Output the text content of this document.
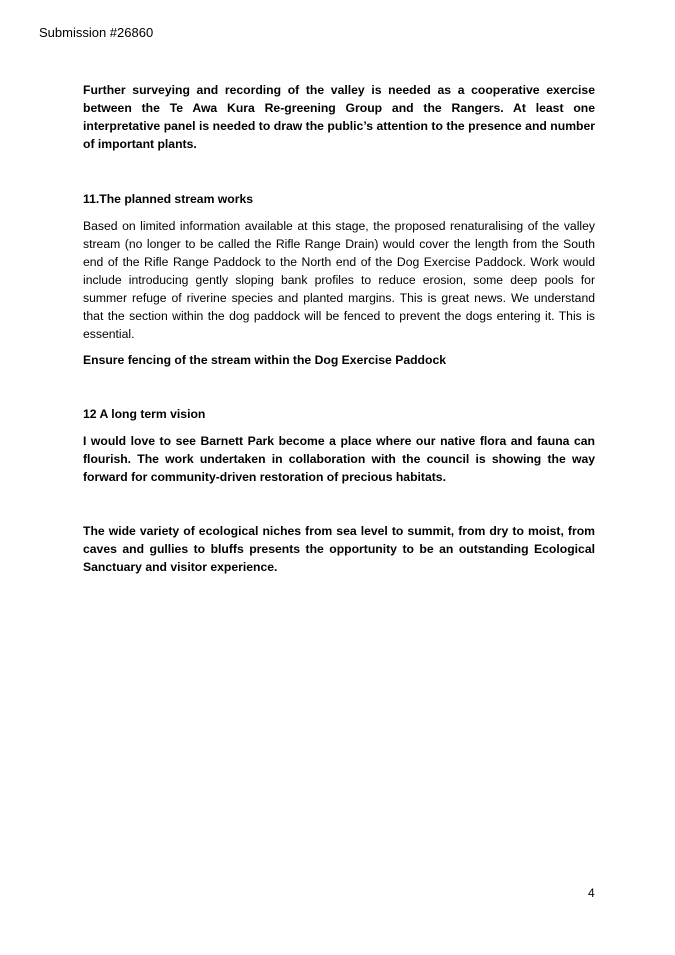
Submission #26860

Further surveying and recording of the valley is needed as a cooperative exercise between the Te Awa Kura Re-greening Group and the Rangers. At least one interpretative panel is needed to draw the public’s attention to the presence and number of important plants.

11.The planned stream works

Based on limited information available at this stage, the proposed renaturalising of the valley stream (no longer to be called the Rifle Range Drain) would cover the length from the South end of the Rifle Range Paddock to the North end of the Dog Exercise Paddock. Work would include introducing gently sloping bank profiles to reduce erosion, some deep pools for summer refuge of riverine species and planted margins. This is great news. We understand that the section within the dog paddock will be fenced to prevent the dogs entering it. This is essential.

Ensure fencing of the stream within the Dog Exercise Paddock

12 A long term vision

I would love to see Barnett Park become a place where our native flora and fauna can flourish. The work undertaken in collaboration with the council is showing the way forward for community-driven restoration of precious habitats.

The wide variety of ecological niches from sea level to summit, from dry to moist, from caves and gullies to bluffs presents the opportunity to be an outstanding Ecological Sanctuary and visitor experience.

4
